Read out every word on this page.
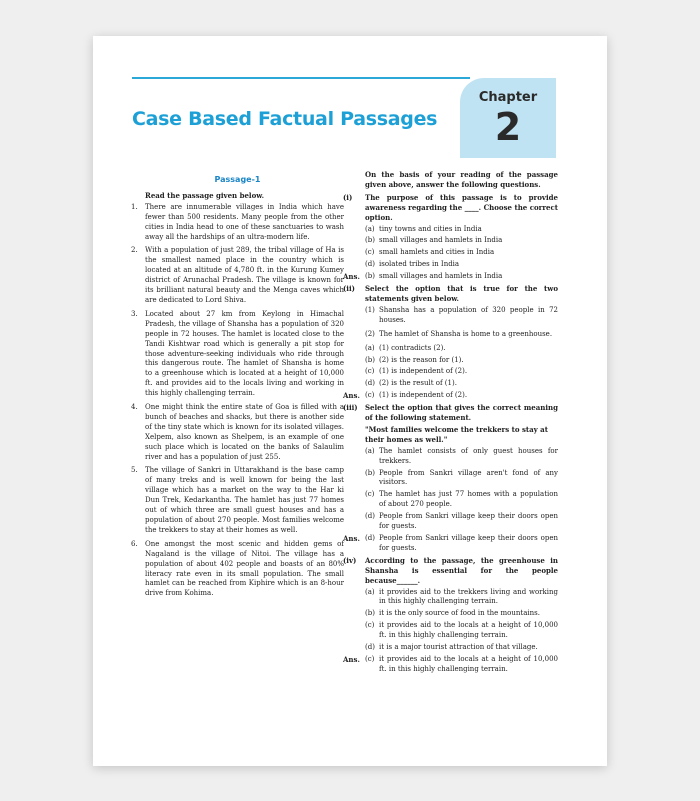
Chapter
2
Case Based Factual Passages
Passage-1
Read the passage given below.
1.	There are innumerable villages in India which have fewer than 500 residents. Many people from the other cities in India head to one of these sanctuaries to wash away all the hardships of an ultra-modern life.
2.	With a population of just 289, the tribal village of Ha is the smallest named place in the country which is located at an altitude of 4,780 ft. in the Kurung Kumey district of Arunachal Pradesh. The village is known for its brilliant natural beauty and the Menga caves which are dedicated to Lord Shiva.
3.	Located about 27 km from Keylong in Himachal Pradesh, the village of Shansha has a population of 320 people in 72 houses. The hamlet is located close to the Tandi Kishtwar road which is generally a pit stop for those adventure-seeking individuals who ride through this dangerous route. The hamlet of Shansha is home to a greenhouse which is located at a height of 10,000 ft. and provides aid to the locals living and working in this highly challenging terrain.
4.	One might think the entire state of Goa is filled with a bunch of beaches and shacks, but there is another side of the tiny state which is known for its isolated villages. Xelpem, also known as Shelpem, is an example of one such place which is located on the banks of Salaulim river and has a population of just 255.
5.	The village of Sankri in Uttarakhand is the base camp of many treks and is well known for being the last village which has a market on the way to the Har ki Dun Trek, Kedarkantha. The hamlet has just 77 homes out of which three are small guest houses and has a population of about 270 people. Most families welcome the trekkers to stay at their homes as well.
6.	One amongst the most scenic and hidden gems of Nagaland is the village of Nitoi. The village has a population of about 402 people and boasts of an 80% literacy rate even in its small population. The small hamlet can be reached from Kiphire which is an 8-hour drive from Kohima.
On the basis of your reading of the passage given above, answer the following questions.
(i)	The purpose of this passage is to provide awareness regarding the ____. Choose the correct option.
(a) tiny towns and cities in India
(b) small villages and hamlets in India
(c) small hamlets and cities in India
(d) isolated tribes in India
Ans. (b) small villages and hamlets in India
(ii)	Select the option that is true for the two statements given below.
(1) Shansha has a population of 320 people in 72 houses.
(2) The hamlet of Shansha is home to a greenhouse.
(a) (1) contradicts (2).
(b) (2) is the reason for (1).
(c) (1) is independent of (2).
(d) (2) is the result of (1).
Ans. (c) (1) is independent of (2).
(iii)	Select the option that gives the correct meaning of the following statement.
"Most families welcome the trekkers to stay at their homes as well."
(a) The hamlet consists of only guest houses for trekkers.
(b) People from Sankri village aren't fond of any visitors.
(c) The hamlet has just 77 homes with a population of about 270 people.
(d) People from Sankri village keep their doors open for guests.
Ans. (d) People from Sankri village keep their doors open for guests.
(iv)	According to the passage, the greenhouse in Shansha is essential for the people because______.
(a) it provides aid to the trekkers living and working in this highly challenging terrain.
(b) it is the only source of food in the mountains.
(c) it provides aid to the locals at a height of 10,000 ft. in this highly challenging terrain.
(d) it is a major tourist attraction of that village.
Ans. (c) it provides aid to the locals at a height of 10,000 ft. in this highly challenging terrain.
